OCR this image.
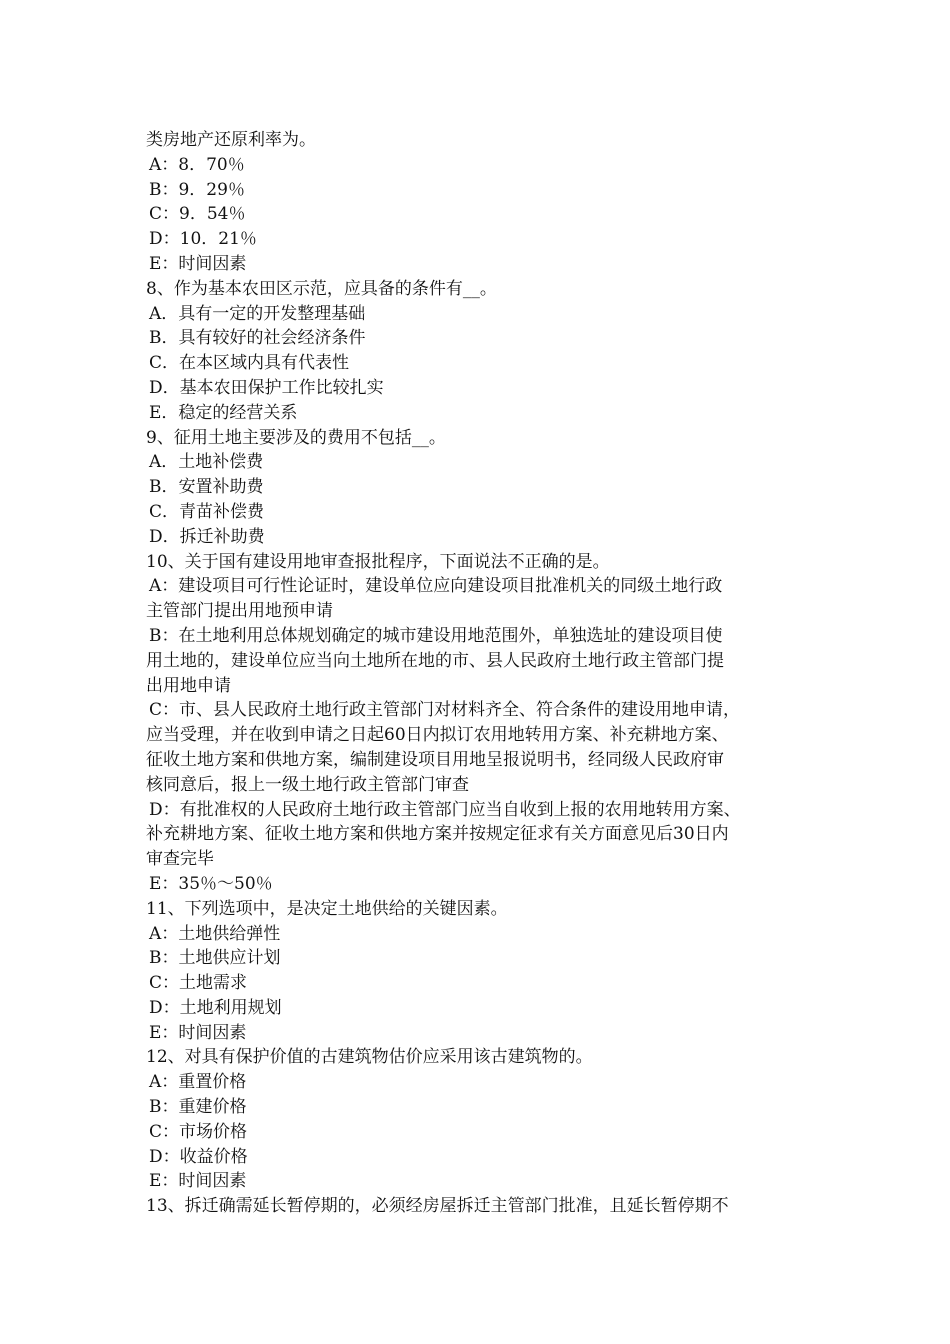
类房地产还原利率为。
A：8．70％
B：9．29％
C：9．54％
D：10．21％
E：时间因素
8、作为基本农田区示范，应具备的条件有__。
A．具有一定的开发整理基础
B．具有较好的社会经济条件
C．在本区域内具有代表性
D．基本农田保护工作比较扎实
E．稳定的经营关系
9、征用土地主要涉及的费用不包括__。
A．土地补偿费
B．安置补助费
C．青苗补偿费
D．拆迁补助费
10、关于国有建设用地审查报批程序，下面说法不正确的是。
A：建设项目可行性论证时，建设单位应向建设项目批准机关的同级土地行政
主管部门提出用地预申请
B：在土地利用总体规划确定的城市建设用地范围外，单独选址的建设项目使
用土地的，建设单位应当向土地所在地的市、县人民政府土地行政主管部门提
出用地申请
C：市、县人民政府土地行政主管部门对材料齐全、符合条件的建设用地申请，
应当受理，并在收到申请之日起60日内拟订农用地转用方案、补充耕地方案、
征收土地方案和供地方案，编制建设项目用地呈报说明书，经同级人民政府审
核同意后，报上一级土地行政主管部门审查
D：有批准权的人民政府土地行政主管部门应当自收到上报的农用地转用方案、
补充耕地方案、征收土地方案和供地方案并按规定征求有关方面意见后30日内
审查完毕
E：35％～50％
11、下列选项中，是决定土地供给的关键因素。
A：土地供给弹性
B：土地供应计划
C：土地需求
D：土地利用规划
E：时间因素
12、对具有保护价值的古建筑物估价应采用该古建筑物的。
A：重置价格
B：重建价格
C：市场价格
D：收益价格
E：时间因素
13、拆迁确需延长暂停期的，必须经房屋拆迁主管部门批准，且延长暂停期不
